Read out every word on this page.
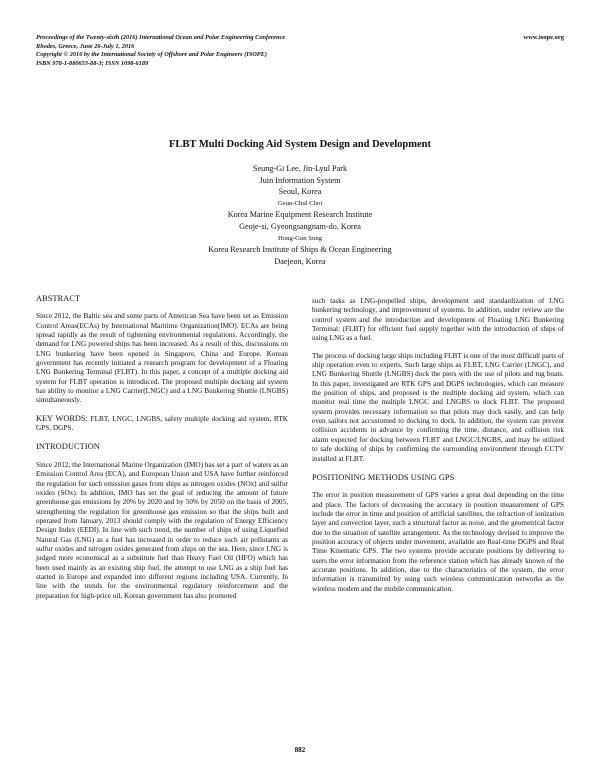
Proceedings of the Twenty-sixth (2016) International Ocean and Polar Engineering Conference
Rhodes, Greece, June 26-July 1, 2016
Copyright © 2016 by the International Society of Offshore and Polar Engineers (ISOPE)
ISBN 978-1-880653-88-3; ISSN 1098-6189
www.isope.org
FLBT Multi Docking Aid System Design and Development
Seung-Gi Lee, Jin-Lyul Park
Juin Information System
Seoul, Korea
Geun-Chul Choi
Korea Marine Equipment Research Institute
Geoje-si, Gyeongsangnam-do, Korea
Hong-Gun Sung
Korea Research Institute of Ships & Ocean Engineering
Daejeon, Korea
ABSTRACT

Since 2012, the Baltic sea and some parts of American Sea have been set as Emission Control Areas(ECAs) by International Maritime Organization(IMO). ECAs are being spread rapidly as the result of tightening environmental regulations. Accordingly, the demand for LNG powered ships has been increased. As a result of this, discussions on LNG bunkering have been opened in Singapore, China and Europe. Korean government has recently initiated a research program for development of a Floating LNG Bunkering Terminal (FLBT). In this paper, a concept of a multiple docking aid system for FLBT operation is introduced. The proposed multiple docking aid system has ability to monitor a LNG Carrier(LNGC) and a LNG Bunkering Shuttle (LNGBS) simultaneously.

KEY WORDS: FLBT, LNGC, LNGBS, safety multiple docking aid system, RTK GPS, DGPS.

INTRODUCTION

Since 2012, the International Marine Organization (IMO) has set a part of waters as an Emission Control Area (ECA), and European Union and USA have further reinforced the regulation for such emission gases from ships as nitrogen oxides (NOx) and sulfur oxides (SOx). In addition, IMO has set the goal of reducing the amount of future greenhouse gas emissions by 20% by 2020 and by 50% by 2050 on the basis of 2005, strengthening the regulation for greenhouse gas emission so that the ships built and operated from January, 2013 should comply with the regulation of Energy Efficiency Design Index (EEDI). In line with such trend, the number of ships of using Liquefied Natural Gas (LNG) as a fuel has increased in order to reduce such air pollutants as sulfur oxides and nitrogen oxides generated from ships on the sea. Here, since LNG is judged more economical as a substitute fuel than Heavy Fuel Oil (HFO) which has been used mainly as an existing ship fuel, the attempt to use LNG as a ship fuel has started in Europe and expanded into different regions including USA. Currently, In line with the trends for the environmental regulatory reinforcement and the preparation for high-price oil, Korean government has also promoted

such tasks as LNG-propelled ships, development and standardization of LNG bunkering technology, and improvement of systems. In addition, under review are the control system and the introduction and development of Floating LNG Bunkering Terminal: (FLBT) for efficient fuel supply together with the introduction of ships of using LNG as a fuel.

The process of docking large ships including FLBT is one of the most difficult parts of ship operation even to experts. Such large ships as FLBT, LNG Carrier (LNGC), and LNG Bunkering Shuttle (LNGBS) dock the piers with the use of pilots and tug boats. In this paper, investigated are RTK GPS and DGPS technologies, which can measure the position of ships, and proposed is the multiple docking aid system, which can monitor real time the multiple LNGC and LNGBS to dock FLBT. The proposed system provides necessary information so that pilots may dock easily, and can help even sailors not accustomed to docking to dock. In addition, the system can prevent collision accidents in advance by confirming the time, distance, and collision risk alarm expected for docking between FLBT and LNGC/LNGBS, and may be utilized to safe docking of ships by confirming the surrounding environment through CCTV installed at FLBT.

POSITIONING METHODS USING GPS

The error in position measurement of GPS varies a great deal depending on the time and place. The factors of decreasing the accuracy in position measurement of GPS include the error in time and position of artificial satellites, the refraction of ionization layer and convection layer, such a structural factor as noise, and the geometrical factor due to the situation of satellite arrangement. As the technology devised to improve the position accuracy of objects under movement, available are Real-time DGPS and Real Time Kinematic GPS. The two systems provide accurate positions by delivering to users the error information from the reference station which has already known of the accurate positions. In addition, due to the characteristics of the system, the error information is transmitted by using such wireless communication networks as the wireless modem and the mobile communication.

882
